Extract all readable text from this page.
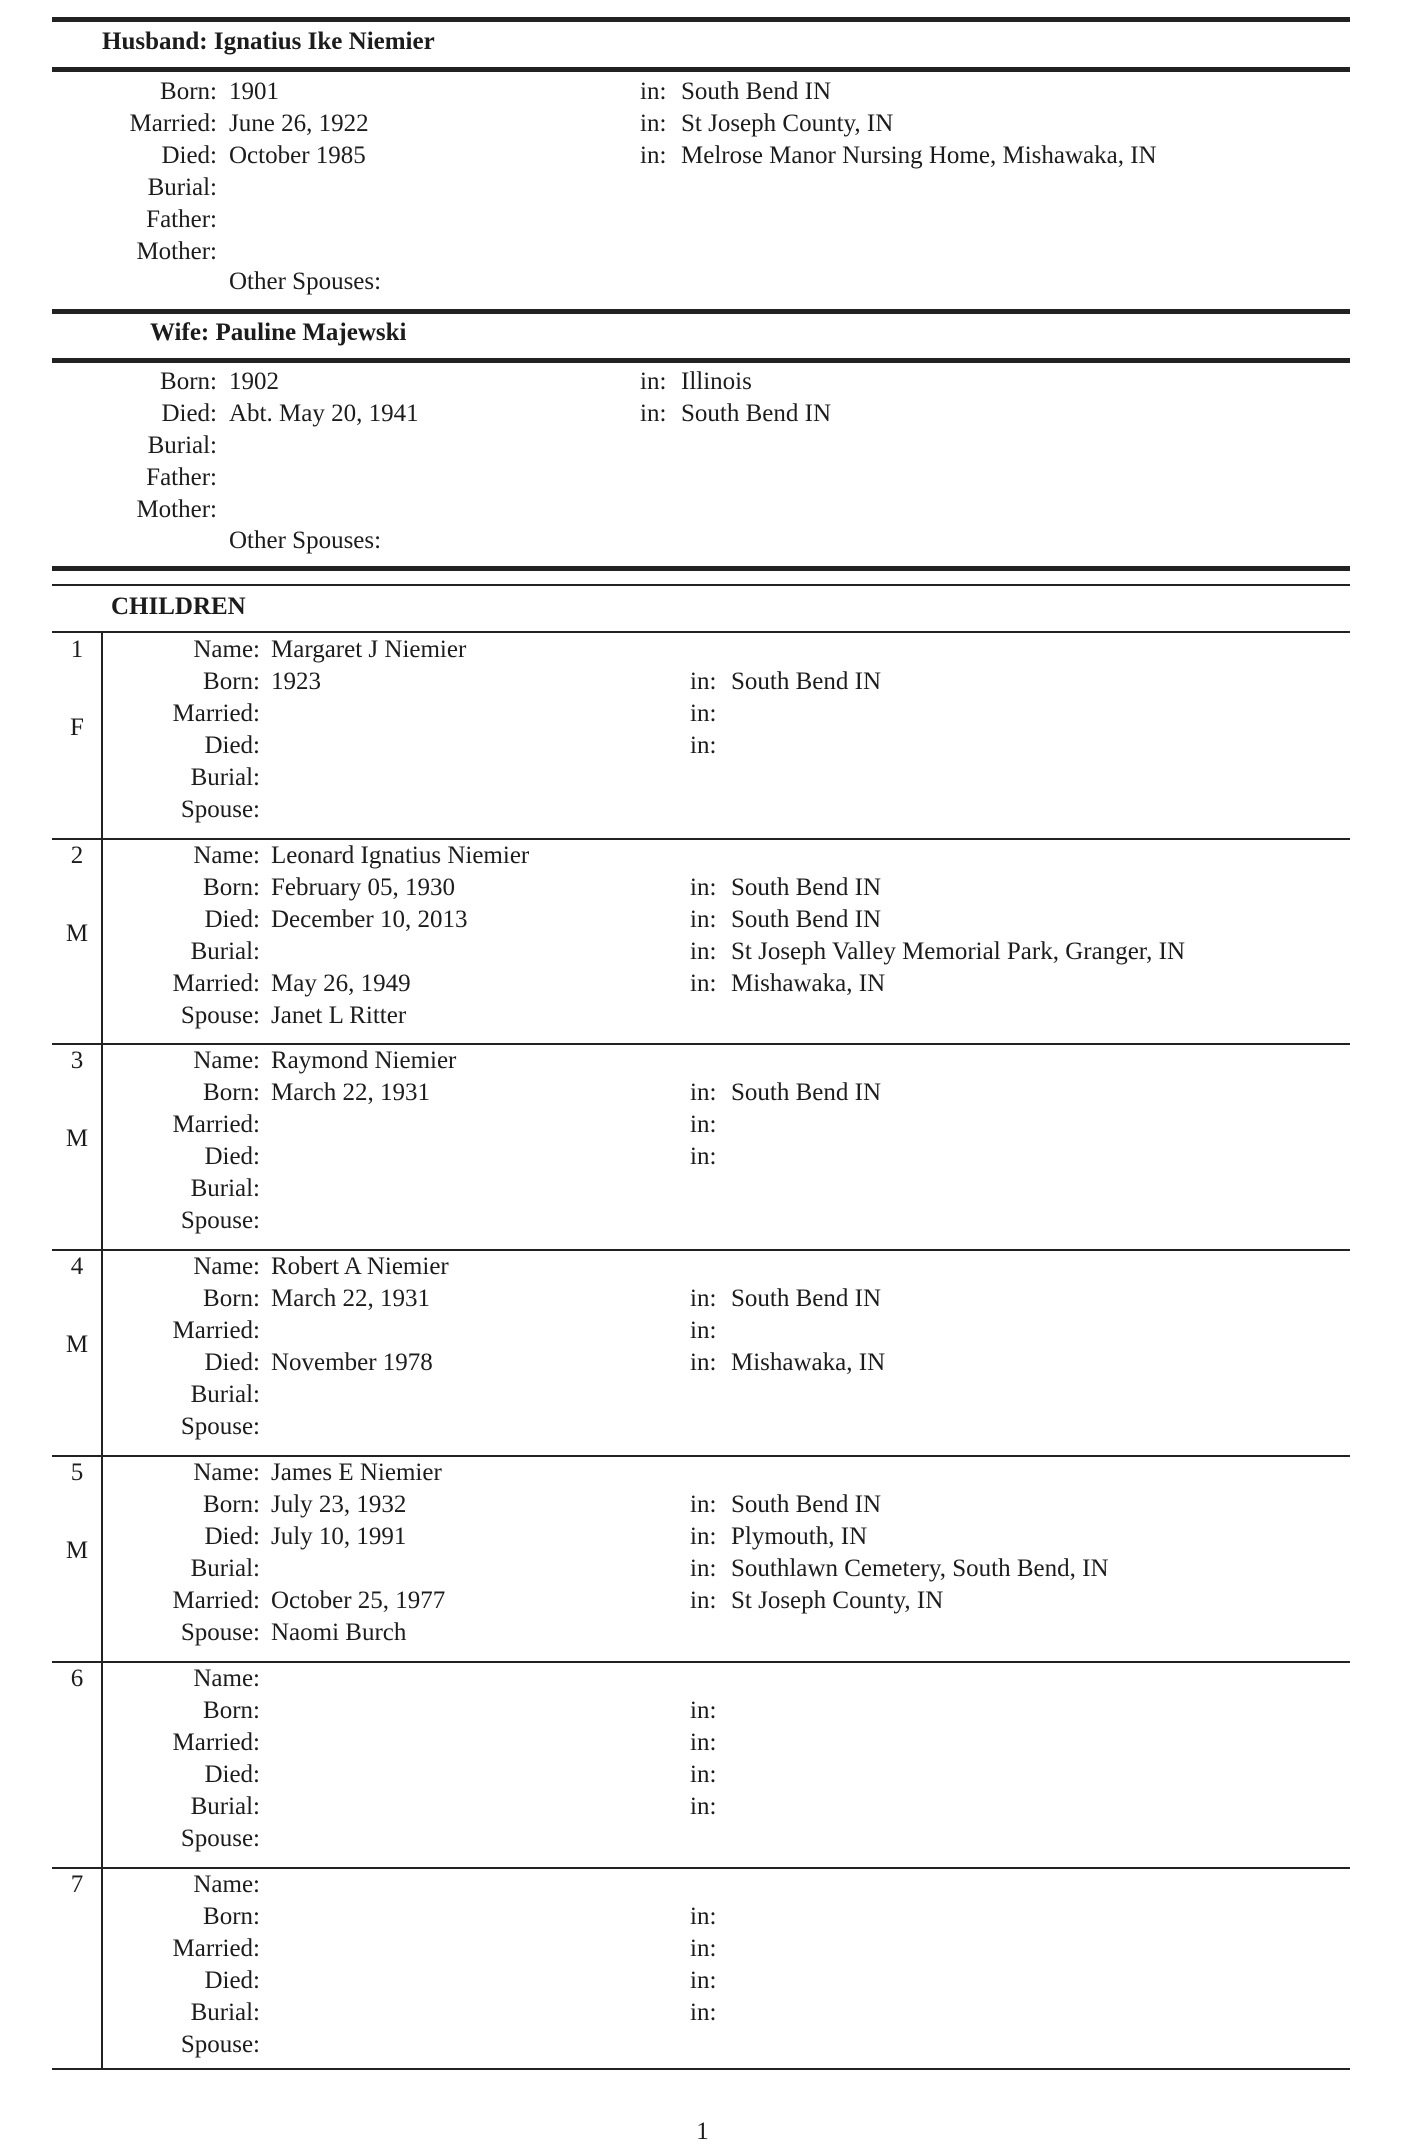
Husband: Ignatius Ike Niemier
Born: 1901	in: South Bend IN
Married: June 26, 1922	in: St Joseph County, IN
Died: October 1985	in: Melrose Manor Nursing Home, Mishawaka, IN
Burial:
Father:
Mother:
Other Spouses:
Wife: Pauline Majewski
Born: 1902	in: Illinois
Died: Abt. May 20, 1941	in: South Bend IN
Burial:
Father:
Mother:
Other Spouses:
CHILDREN
1
F
Name: Margaret J Niemier
Born: 1923	in: South Bend IN
Married:	in:
Died:	in:
Burial:
Spouse:
2
M
Name: Leonard Ignatius Niemier
Born: February 05, 1930	in: South Bend IN
Died: December 10, 2013	in: South Bend IN
Burial:	in: St Joseph Valley Memorial Park, Granger, IN
Married: May 26, 1949	in: Mishawaka, IN
Spouse: Janet L Ritter
3
M
Name: Raymond Niemier
Born: March 22, 1931	in: South Bend IN
Married:	in:
Died:	in:
Burial:
Spouse:
4
M
Name: Robert A Niemier
Born: March 22, 1931	in: South Bend IN
Married:	in:
Died: November 1978	in: Mishawaka, IN
Burial:
Spouse:
5
M
Name: James E Niemier
Born: July 23, 1932	in: South Bend IN
Died: July 10, 1991	in: Plymouth, IN
Burial:	in: Southlawn Cemetery, South Bend, IN
Married: October 25, 1977	in: St Joseph County, IN
Spouse: Naomi Burch
6	Name:
Born:	in:
Married:	in:
Died:	in:
Burial:	in:
Spouse:
7	Name:
Born:	in:
Married:	in:
Died:	in:
Burial:	in:
Spouse:
1
